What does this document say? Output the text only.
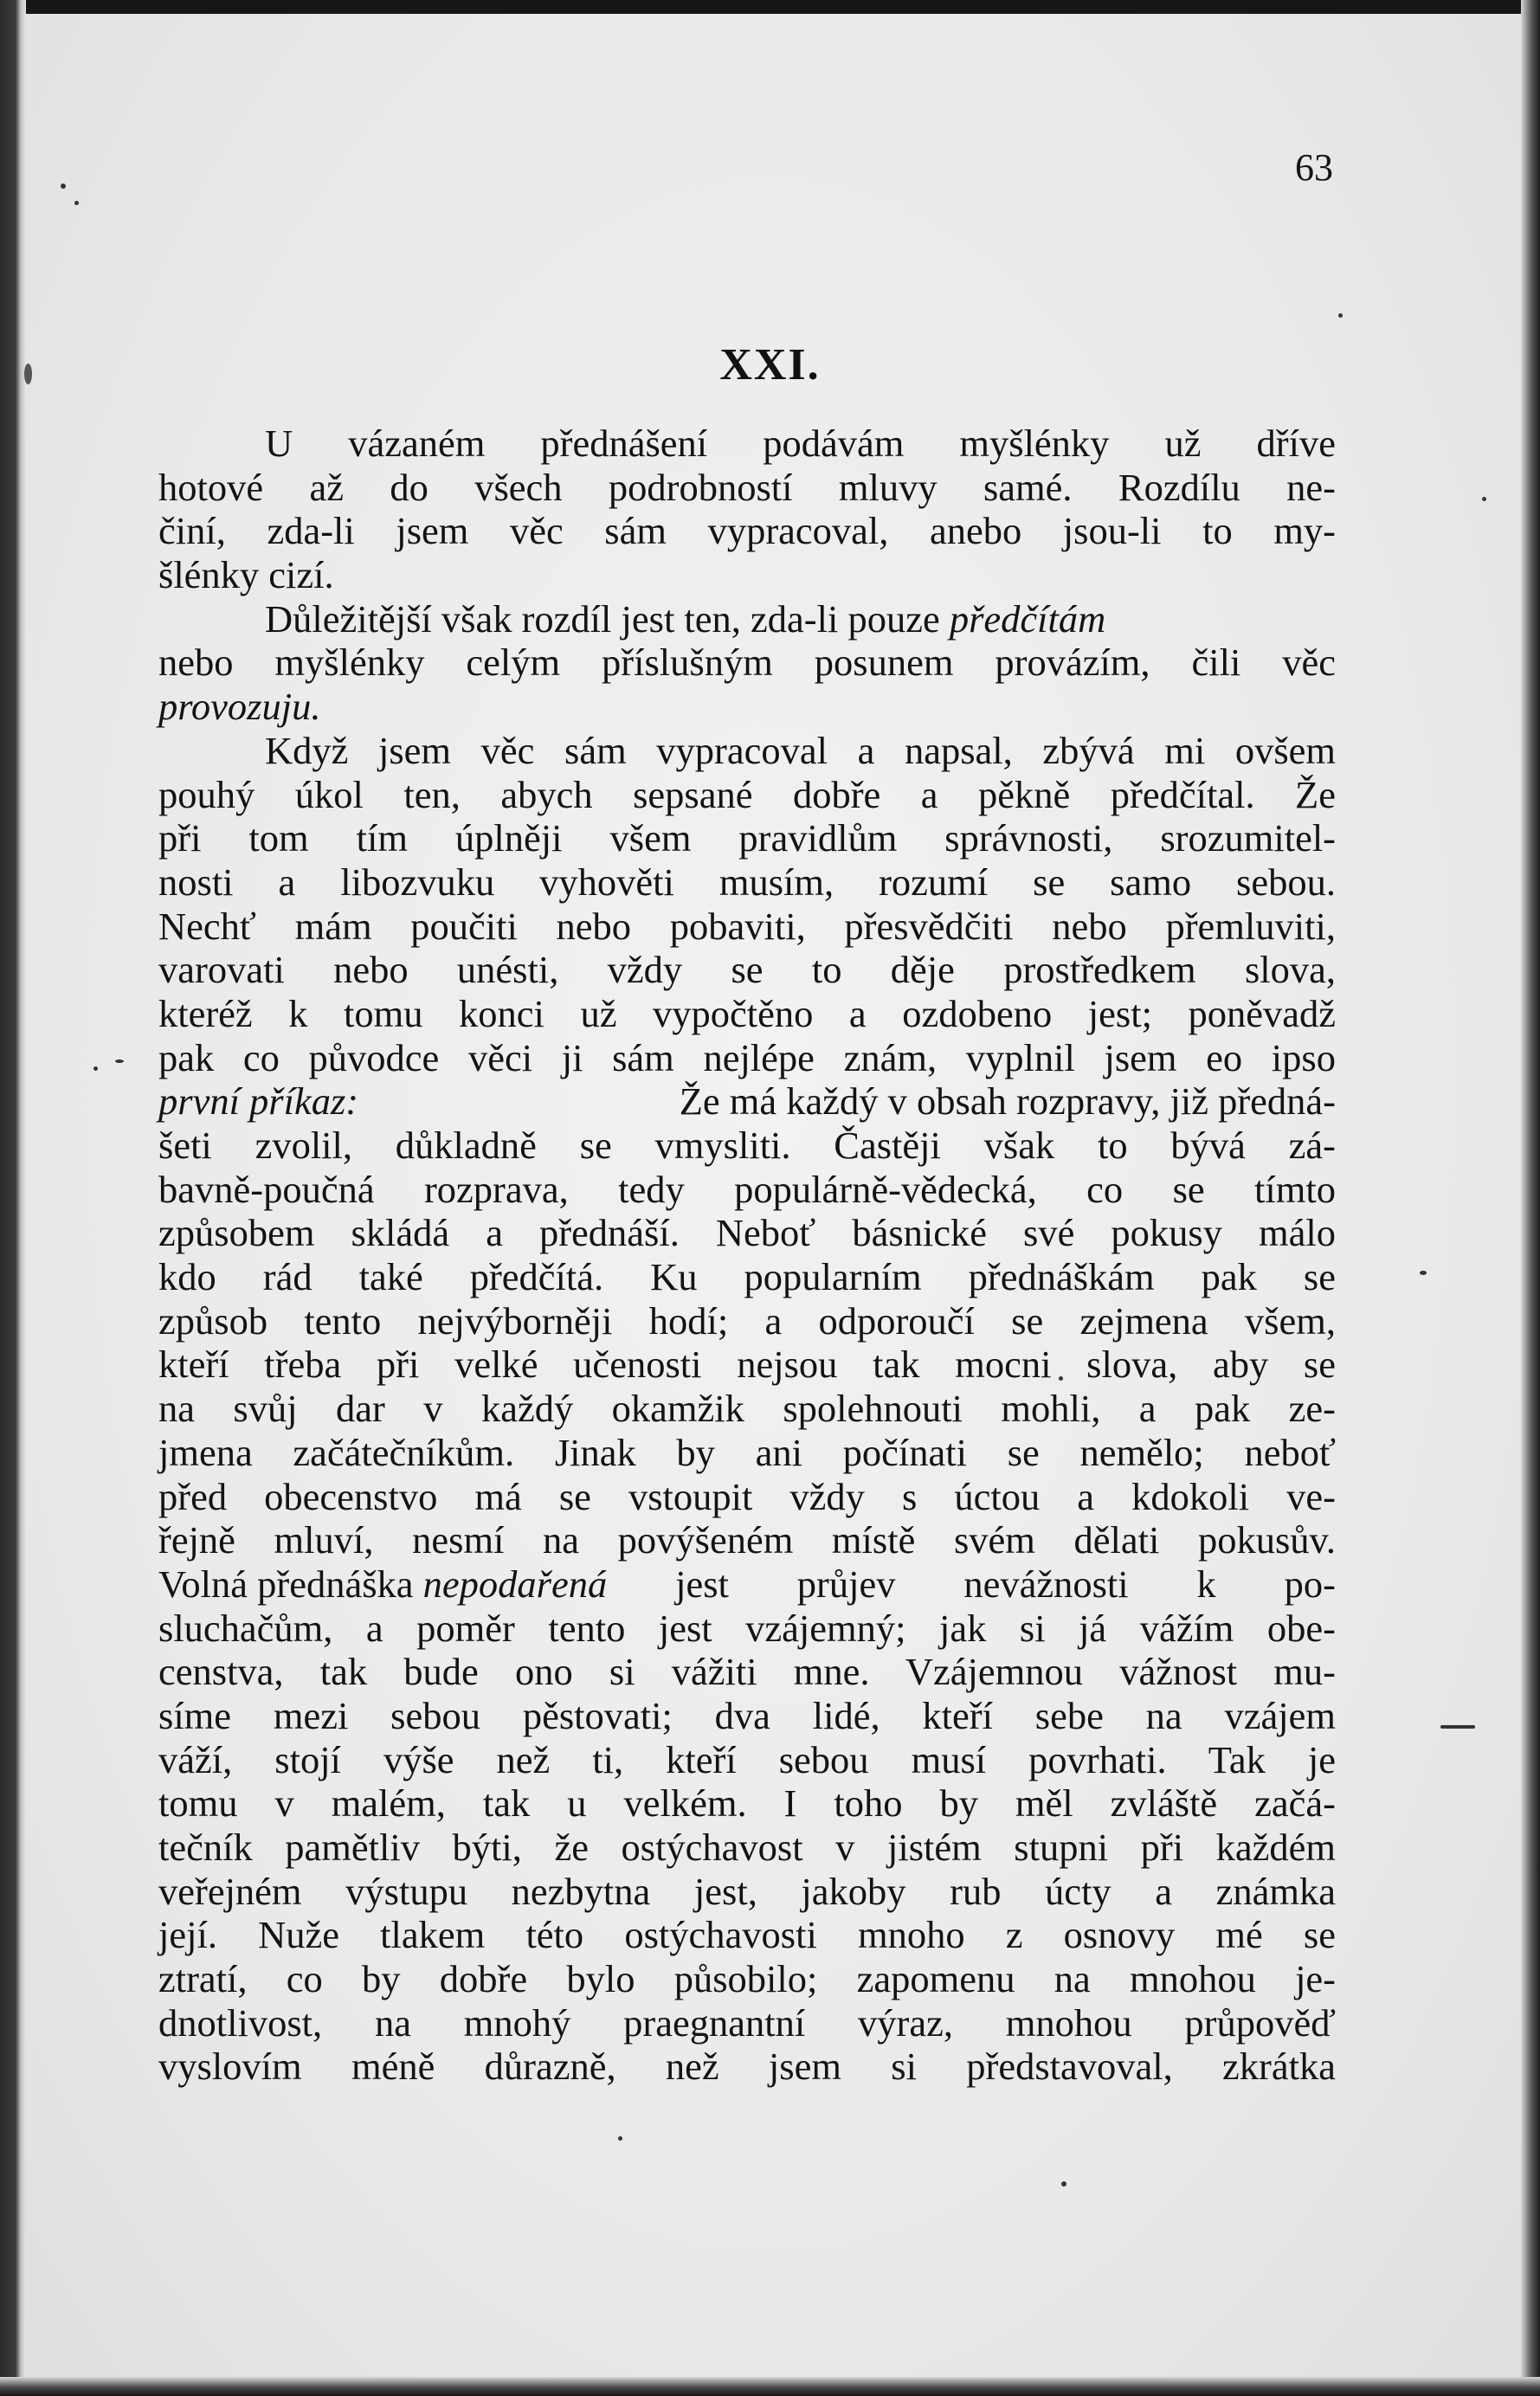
63
XXI.
U vázaném přednášení podávám myšlénky už dříve
hotové až do všech podrobností mluvy samé. Rozdílu ne-
činí, zda-li jsem věc sám vypracoval, anebo jsou-li to my-
šlénky cizí.
Důležitější však rozdíl jest ten, zda-li pouze předčítám
nebo myšlénky celým příslušným posunem provázím, čili věc
provozuju.
Když jsem věc sám vypracoval a napsal, zbývá mi ovšem
pouhý úkol ten, abych sepsané dobře a pěkně předčítal. Že
při tom tím úplněji všem pravidlům správnosti, srozumitel-
nosti a libozvuku vyhověti musím, rozumí se samo sebou.
Nechť mám poučiti nebo pobaviti, přesvědčiti nebo přemluviti,
varovati nebo unésti, vždy se to děje prostředkem slova,
kteréž k tomu konci už vypočtěno a ozdobeno jest; poněvadž
pak co původce věci ji sám nejlépe znám, vyplnil jsem eo ipso
první příkaz:	Že má každý v obsah rozpravy, již předná-
šeti zvolil, důkladně se vmysliti. Častěji však to bývá zá-
bavně-poučná rozprava, tedy populárně-vědecká, co se tímto
způsobem skládá a přednáší. Neboť básnické své pokusy málo
kdo rád také předčítá. Ku popularním přednáškám pak se
způsob tento nejvýborněji hodí; a odporoučí se zejmena všem,
kteří třeba při velké učenosti nejsou tak mocni slova, aby se
na svůj dar v každý okamžik spolehnouti mohli, a pak ze-
jmena začátečníkům. Jinak by ani počínati se nemělo; neboť
před obecenstvo má se vstoupit vždy s úctou a kdokoli ve-
řejně mluví, nesmí na povýšeném místě svém dělati pokusův.
Volná přednáška nepodařená jest průjev nevážnosti k po-
sluchačům, a poměr tento jest vzájemný; jak si já vážím obe-
censtva, tak bude ono si vážiti mne. Vzájemnou vážnost mu-
síme mezi sebou pěstovati; dva lidé, kteří sebe na vzájem
váží, stojí výše než ti, kteří sebou musí povrhati. Tak je
tomu v malém, tak u velkém. I toho by měl zvláště začá-
tečník pamětliv býti, že ostýchavost v jistém stupni při každém
veřejném výstupu nezbytna jest, jakoby rub úcty a známka
její. Nuže tlakem této ostýchavosti mnoho z osnovy mé se
ztratí, co by dobře bylo působilo; zapomenu na mnohou je-
dnotlivost, na mnohý praegnantní výraz, mnohou průpověď
vyslovím méně důrazně, než jsem si představoval, zkrátka
